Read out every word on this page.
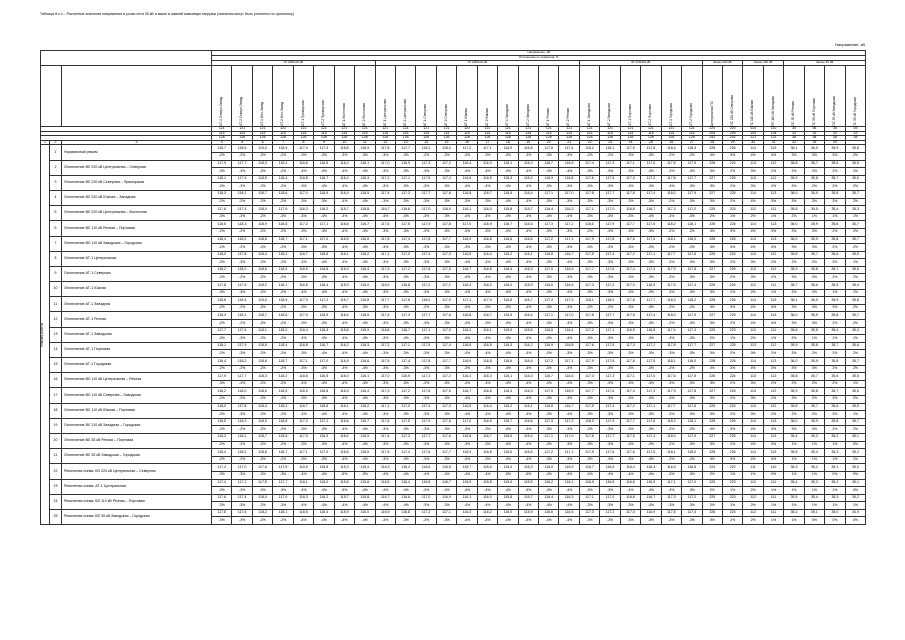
Таблица 8.x.x – Расчетные значения напряжения в узлах сети 35 кВ и выше в зимний максимум нагрузки (значения могут быть уточнены по оригиналу)
Напряжение, кВ
			Напряжение, кВ																															
			Отклонение от номинала, %																															
			АТ 220/110 кВ								АТ 220/110 кВ										АТ 220/110 кВ						Шины 220 кВ		Шины 110 кВ		Шины 35 кВ			

			АТ-1 Северо-Запад	АТ-2 Северо-Запад	АТ-1 Юго-Запад	АТ-2 Юго-Запад	АТ-1 Приморская	АТ-2 Приморская	АТ-1 Восточная	АТ-2 Восточная	АТ-1 Центральная	АТ-2 Центральная	АТ-1 Северная	АТ-2 Северная	АТ-1 Южная	АТ-2 Южная	АТ-1 Западная	АТ-2 Западная	АТ-1 Речная	АТ-2 Речная	АТ-1 Заводская	АТ-2 Заводская	АТ-1 Портовая	АТ-2 Портовая	АТ-1 Городская	АТ-2 Городская	Центральная ПС	ПС 220 кВ Северная	ПС 110 кВ Южная	ПС 110 кВ Западная	ПС 35 кВ Речная	ПС 35 кВ Портовая	ПС 35 кВ Заводская	ПС 35 кВ Городская

			121	121	121	121	121	121	121	121	121	121	121	121	121	121	121	121	121	121	121	121	121	121	121	121	220	220	110	110	35	35	35	35
			115	115	115	115	115	115	115	115	115	115	115	115	115	115	115	115	115	115	115	115	115	115	115	115	209	209	104	104	33	33	33	33
			126	126	126	126	126	126	126	126	126	126	126	126	126	126	126	126	126	126	126	126	126	126	126	126	242	242	121	121	38	38	38	38
1	2	3	4	5	6	7	8	9	10	11	12	13	14	15	16	17	18	19	20	21	22	23	24	25	26	27	28	29	30	31	32	33	34	

Режимы работы	1	Нормальный режим	118,7	118,5	119,0	118,9	117,4	117,3	116,8	116,9	117,8	117,7	118,1	118,0	117,2	117,1	116,9	116,8	117,5	117,4	118,2	118,1	117,9	117,8	118,4	118,3	228	226	114	113	36,1	36,0	35,9	35,8
			-2%	-2%	-2%	-2%	-3%	-3%	-3%	-3%	-3%	-3%	-2%	-2%	-3%	-3%	-3%	-3%	-3%	-3%	-2%	-2%	-3%	-3%	-2%	-2%	4%	3%	4%	3%	3%	3%	3%	2%
	2	Отключение ВЛ 220 кВ Центральная – Северная	117,9	117,7	118,3	118,2	116,6	116,5	116,0	116,1	117,0	116,9	117,3	117,2	116,4	116,3	116,1	116,0	116,7	116,6	117,4	117,3	117,1	117,0	117,6	117,5	226	224	113	112	35,8	35,7	35,6	35,5
			-3%	-3%	-2%	-2%	-4%	-4%	-4%	-4%	-3%	-3%	-3%	-3%	-4%	-4%	-4%	-4%	-4%	-4%	-3%	-3%	-3%	-3%	-3%	-3%	3%	2%	3%	2%	2%	2%	2%	1%
	3	Отключение ВЛ 220 кВ Северная – Приморская	118,1	117,9	118,5	118,4	116,8	116,7	116,2	116,3	117,2	117,1	117,5	117,4	116,6	116,5	116,3	116,2	116,9	116,8	117,6	117,5	117,3	117,2	117,8	117,7	227	225	113	112	35,9	35,8	35,7	35,6
			-2%	-3%	-2%	-2%	-3%	-4%	-4%	-4%	-3%	-3%	-3%	-3%	-4%	-4%	-4%	-4%	-3%	-3%	-3%	-3%	-3%	-3%	-3%	-3%	3%	2%	3%	2%	3%	2%	2%	2%
	4	Отключение ВЛ 220 кВ Южная – Западная	118,3	118,1	118,7	118,6	117,0	116,9	116,4	116,5	117,4	117,3	117,7	117,6	116,8	116,7	116,5	116,4	117,1	117,0	117,8	117,7	117,5	117,4	118,0	117,9	227	225	114	113	36,0	35,9	35,8	35,7
			-2%	-2%	-2%	-2%	-3%	-3%	-4%	-4%	-3%	-3%	-3%	-3%	-3%	-3%	-4%	-4%	-3%	-3%	-3%	-3%	-3%	-3%	-2%	-3%	3%	2%	4%	3%	3%	3%	2%	2%
	5	Отключение ВЛ 220 кВ Центральная – Восточная	117,6	117,4	118,0	117,9	116,3	116,2	115,7	115,8	116,7	116,6	117,0	116,9	116,1	116,0	115,8	115,7	116,4	116,3	117,1	117,0	116,8	116,7	117,3	117,2	225	223	112	111	35,6	35,5	35,4	35,3
			-3%	-3%	-2%	-3%	-4%	-4%	-4%	-4%	-4%	-4%	-3%	-3%	-4%	-4%	-4%	-4%	-4%	-4%	-3%	-3%	-3%	-4%	-3%	-3%	2%	1%	2%	1%	2%	1%	1%	1%
	6	Отключение ВЛ 110 кВ Речная – Портовая	118,5	118,3	118,9	118,8	117,2	117,1	116,6	116,7	117,6	117,5	117,9	117,8	117,0	116,9	116,7	116,6	117,3	117,2	118,0	117,9	117,7	117,6	118,2	118,1	228	226	114	113	36,0	35,9	35,8	35,7
			-2%	-2%	-2%	-2%	-3%	-3%	-4%	-4%	-3%	-3%	-3%	-3%	-3%	-3%	-4%	-4%	-3%	-3%	-2%	-3%	-3%	-3%	-2%	-2%	4%	3%	4%	3%	3%	3%	2%	2%
	7	Отключение ВЛ 110 кВ Заводская – Городская	118,4	118,2	118,8	118,7	117,1	117,0	116,5	116,6	117,5	117,4	117,8	117,7	116,9	116,8	116,6	116,5	117,2	117,1	117,9	117,8	117,6	117,5	118,1	118,0	228	226	114	113	36,0	35,9	35,8	35,7
			-2%	-2%	-2%	-2%	-3%	-3%	-4%	-4%	-3%	-3%	-3%	-3%	-3%	-3%	-4%	-4%	-3%	-3%	-3%	-3%	-3%	-3%	-2%	-2%	4%	3%	4%	3%	3%	3%	2%	2%
	8	Отключение АТ-1 Центральная	118,0	117,8	118,4	118,3	116,7	116,6	116,1	116,2	117,1	117,0	117,4	117,3	116,5	116,4	116,2	116,1	116,8	116,7	117,5	117,4	117,2	117,1	117,7	117,6	226	224	113	112	35,8	35,7	35,6	35,5
			-2%	-3%	-2%	-2%	-4%	-4%	-4%	-4%	-3%	-3%	-3%	-3%	-4%	-4%	-4%	-4%	-3%	-4%	-3%	-3%	-3%	-3%	-3%	-3%	3%	2%	3%	2%	2%	2%	2%	1%
	9	Отключение АТ-1 Северная	118,2	118,0	118,6	118,5	116,9	116,8	116,3	116,4	117,3	117,2	117,6	117,5	116,7	116,6	116,4	116,3	117,0	116,9	117,7	117,6	117,4	117,3	117,9	117,8	227	225	113	112	35,9	35,8	35,7	35,6
			-2%	-2%	-2%	-2%	-3%	-3%	-4%	-4%	-3%	-3%	-3%	-3%	-4%	-4%	-4%	-4%	-3%	-3%	-3%	-3%	-3%	-3%	-3%	-3%	3%	2%	3%	2%	3%	2%	2%	2%
	10	Отключение АТ-1 Южная	117,8	117,6	118,2	118,1	116,5	116,4	115,9	116,0	116,9	116,8	117,2	117,1	116,3	116,2	116,0	115,9	116,6	116,5	117,3	117,2	117,0	116,9	117,5	117,4	226	224	112	111	35,7	35,6	35,5	35,4
			-3%	-3%	-2%	-2%	-4%	-4%	-4%	-4%	-3%	-3%	-3%	-3%	-4%	-4%	-4%	-4%	-4%	-4%	-3%	-3%	-3%	-3%	-3%	-3%	3%	2%	2%	1%	2%	2%	1%	1%
	11	Отключение АТ-1 Западная	118,6	118,4	119,0	118,9	117,3	117,2	116,7	116,8	117,7	117,6	118,0	117,9	117,1	117,0	116,8	116,7	117,4	117,3	118,1	118,0	117,8	117,7	118,3	118,2	228	226	114	113	36,1	36,0	35,9	35,8
			-2%	-2%	-2%	-2%	-3%	-3%	-4%	-3%	-3%	-3%	-2%	-3%	-3%	-3%	-3%	-4%	-3%	-3%	-2%	-2%	-3%	-3%	-2%	-2%	4%	3%	4%	3%	3%	3%	3%	2%
	12	Отключение АТ-1 Речная	118,3	118,1	118,7	118,6	117,0	116,9	116,4	116,5	117,4	117,3	117,7	117,6	116,8	116,7	116,5	116,4	117,1	117,0	117,8	117,7	117,5	117,4	118,0	117,9	227	225	114	113	36,0	35,9	35,8	35,7
			-2%	-2%	-2%	-2%	-3%	-3%	-4%	-4%	-3%	-3%	-3%	-3%	-3%	-3%	-4%	-4%	-3%	-3%	-3%	-3%	-3%	-3%	-2%	-3%	3%	2%	4%	3%	3%	3%	2%	2%
	13	Отключение АТ-1 Заводская	117,7	117,5	118,1	118,0	116,4	116,3	115,8	115,9	116,8	116,7	117,1	117,0	116,2	116,1	115,9	115,8	116,5	116,4	117,2	117,1	116,9	116,8	117,4	117,3	225	223	112	111	35,6	35,5	35,4	35,3
			-3%	-3%	-2%	-2%	-4%	-4%	-4%	-4%	-3%	-4%	-3%	-3%	-4%	-4%	-4%	-4%	-4%	-4%	-3%	-3%	-3%	-3%	-3%	-3%	2%	1%	2%	1%	2%	1%	1%	1%
	14	Отключение АТ-1 Портовая	118,1	117,9	118,5	118,4	116,8	116,7	116,2	116,3	117,2	117,1	117,5	117,4	116,6	116,5	116,3	116,2	116,9	116,8	117,6	117,5	117,3	117,2	117,8	117,7	227	225	113	112	35,9	35,8	35,7	35,6
			-2%	-3%	-2%	-2%	-3%	-4%	-4%	-4%	-3%	-3%	-3%	-3%	-4%	-4%	-4%	-4%	-3%	-3%	-3%	-3%	-3%	-3%	-3%	-3%	3%	2%	3%	2%	3%	2%	2%	2%
	15	Отключение АТ-1 Городская	118,4	118,2	118,8	118,7	117,1	117,0	116,5	116,6	117,5	117,4	117,8	117,7	116,9	116,8	116,6	116,5	117,2	117,1	117,9	117,8	117,6	117,5	118,1	118,0	228	226	114	113	36,0	35,9	35,8	35,7
			-2%	-2%	-2%	-2%	-3%	-3%	-4%	-4%	-3%	-3%	-3%	-3%	-3%	-3%	-4%	-4%	-3%	-3%	-3%	-3%	-3%	-3%	-2%	-2%	4%	3%	4%	3%	3%	3%	2%	2%
	16	Отключение ВЛ 110 кВ Центральная – Речная	117,9	117,7	118,3	118,2	116,6	116,5	116,0	116,1	117,0	116,9	117,3	117,2	116,4	116,3	116,1	116,0	116,7	116,6	117,4	117,3	117,1	117,0	117,6	117,5	226	224	113	112	35,8	35,7	35,6	35,5
			-3%	-3%	-2%	-2%	-4%	-4%	-4%	-4%	-3%	-3%	-3%	-3%	-4%	-4%	-4%	-4%	-4%	-4%	-3%	-3%	-3%	-3%	-3%	-3%	3%	2%	3%	2%	2%	2%	2%	1%
	17	Отключение ВЛ 110 кВ Северная – Заводская	118,2	118,0	118,6	118,5	116,9	116,8	116,3	116,4	117,3	117,2	117,6	117,5	116,7	116,6	116,4	116,3	117,0	116,9	117,7	117,6	117,4	117,3	117,9	117,8	227	225	113	112	35,9	35,8	35,7	35,6
			-2%	-2%	-2%	-2%	-3%	-3%	-4%	-4%	-3%	-3%	-3%	-3%	-4%	-4%	-4%	-4%	-3%	-3%	-3%	-3%	-3%	-3%	-3%	-3%	3%	2%	3%	2%	3%	2%	2%	2%
	18	Отключение ВЛ 110 кВ Южная – Портовая	118,0	117,8	118,4	118,3	116,7	116,6	116,1	116,2	117,1	117,0	117,4	117,3	116,5	116,4	116,2	116,1	116,8	116,7	117,5	117,4	117,2	117,1	117,7	117,6	226	224	113	112	35,8	35,7	35,6	35,5
			-2%	-3%	-2%	-2%	-4%	-4%	-4%	-4%	-3%	-3%	-3%	-3%	-4%	-4%	-4%	-4%	-3%	-4%	-3%	-3%	-3%	-3%	-3%	-3%	3%	2%	3%	2%	2%	2%	2%	1%
	19	Отключение ВЛ 110 кВ Западная – Городская	118,5	118,3	118,9	118,8	117,2	117,1	116,6	116,7	117,6	117,5	117,9	117,8	117,0	116,9	116,7	116,6	117,3	117,2	118,0	117,9	117,7	117,6	118,2	118,1	228	226	114	113	36,0	35,9	35,8	35,7
			-2%	-2%	-2%	-2%	-3%	-3%	-4%	-4%	-3%	-3%	-3%	-3%	-3%	-3%	-4%	-4%	-3%	-3%	-2%	-3%	-3%	-3%	-2%	-2%	4%	3%	4%	3%	3%	3%	2%	2%
	20	Отключение ВЛ 35 кВ Речная – Портовая	118,3	118,1	118,7	118,6	117,0	116,9	116,4	116,5	117,4	117,3	117,7	117,6	116,8	116,7	116,5	116,4	117,1	117,0	117,8	117,7	117,5	117,4	118,0	117,9	227	225	114	113	35,4	35,3	35,2	35,1
			-2%	-2%	-2%	-2%	-3%	-3%	-4%	-4%	-3%	-3%	-3%	-3%	-3%	-3%	-4%	-4%	-3%	-3%	-3%	-3%	-3%	-3%	-2%	-3%	3%	2%	4%	3%	1%	1%	1%	0%
	21	Отключение ВЛ 35 кВ Заводская – Городская	118,4	118,2	118,8	118,7	117,1	117,0	116,5	116,6	117,5	117,4	117,8	117,7	116,9	116,8	116,6	116,5	117,2	117,1	117,9	117,8	117,6	117,5	118,1	118,0	228	226	114	113	35,5	35,4	35,3	35,2
			-2%	-2%	-2%	-2%	-3%	-3%	-4%	-4%	-3%	-3%	-3%	-3%	-3%	-3%	-4%	-4%	-3%	-3%	-3%	-3%	-3%	-3%	-2%	-2%	4%	3%	4%	3%	1%	1%	1%	1%
	22	Ремонтная схема: ВЛ 220 кВ Центральная – Северная	117,2	117,0	117,6	117,5	115,9	115,8	115,3	115,4	116,3	116,2	116,6	116,5	115,7	115,6	115,4	115,3	116,0	115,9	116,7	116,6	116,4	116,3	116,9	116,8	224	222	111	110	35,3	35,2	35,1	35,0
			-3%	-3%	-3%	-3%	-4%	-4%	-5%	-5%	-4%	-4%	-4%	-4%	-4%	-4%	-5%	-5%	-4%	-4%	-4%	-4%	-4%	-4%	-3%	-3%	2%	1%	1%	0%	1%	1%	0%	0%
	23	Ремонтная схема: АТ-1 Центральная	117,4	117,2	117,8	117,7	116,1	116,0	115,5	115,6	116,5	116,4	116,8	116,7	115,9	115,8	115,6	115,5	116,2	116,1	116,9	116,8	116,6	116,5	117,1	117,0	225	223	112	111	35,4	35,3	35,2	35,1
			-3%	-3%	-3%	-3%	-4%	-4%	-5%	-4%	-4%	-4%	-3%	-4%	-4%	-4%	-4%	-5%	-4%	-4%	-3%	-3%	-4%	-4%	-3%	-3%	2%	1%	2%	1%	1%	1%	1%	0%
	24	Ремонтная схема: ВЛ 110 кВ Речная – Портовая	117,6	117,4	118,0	117,9	116,3	116,2	115,7	115,8	116,7	116,6	117,0	116,9	116,1	116,0	115,8	115,7	116,4	116,3	117,1	117,0	116,8	116,7	117,3	117,2	225	223	112	111	35,5	35,4	35,3	35,2
			-3%	-3%	-2%	-3%	-4%	-4%	-4%	-4%	-4%	-4%	-3%	-3%	-4%	-4%	-4%	-4%	-4%	-4%	-3%	-3%	-3%	-4%	-3%	-3%	2%	1%	2%	1%	1%	1%	1%	1%
	25	Ремонтная схема: ВЛ 35 кВ Заводская – Городская	117,8	117,6	118,2	118,1	116,5	116,4	115,9	116,0	116,9	116,8	117,2	117,1	116,3	116,2	116,0	115,9	116,6	116,5	117,3	117,2	117,0	116,9	117,5	117,4	226	224	112	111	35,2	35,1	35,0	34,9
			-3%	-3%	-2%	-2%	-4%	-4%	-4%	-4%	-3%	-3%	-3%	-3%	-4%	-4%	-4%	-4%	-4%	-4%	-3%	-3%	-3%	-3%	-3%	-3%	3%	2%	2%	1%	1%	0%	0%	0%
